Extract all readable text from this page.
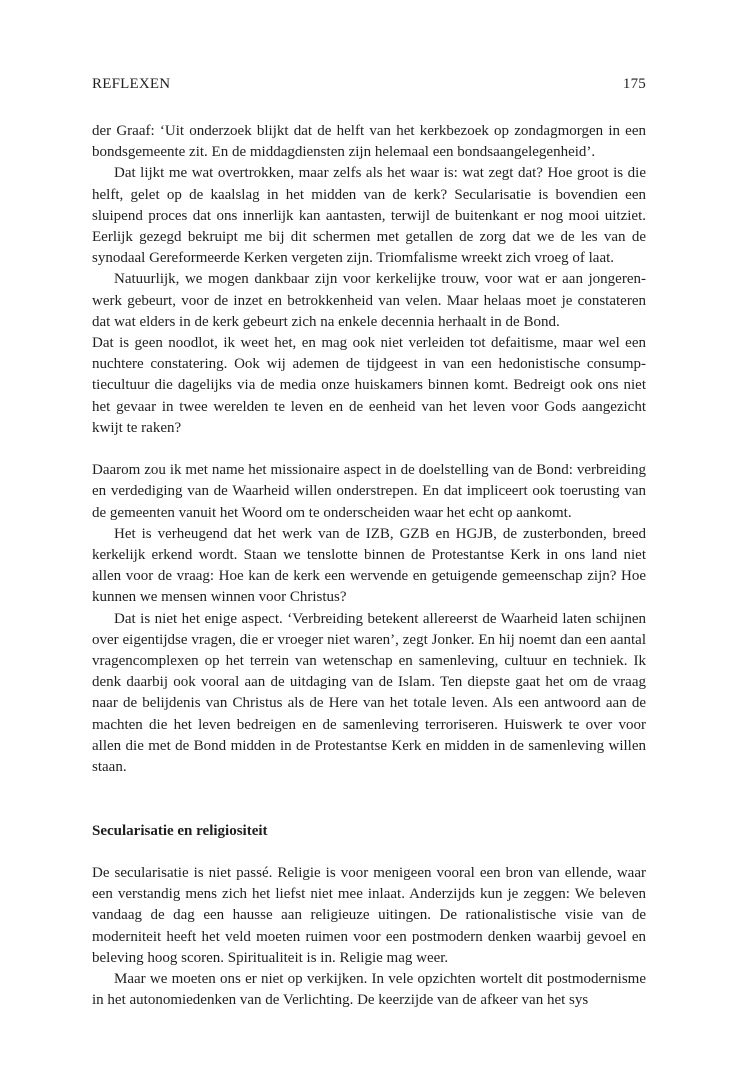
REFLEXEN	175

der Graaf: ‘Uit onderzoek blijkt dat de helft van het kerkbezoek op zondagmorgen in een bondsgemeente zit. En de middagdiensten zijn helemaal een bondsaangelegenheid’.

Dat lijkt me wat overtrokken, maar zelfs als het waar is: wat zegt dat? Hoe groot is die helft, gelet op de kaalslag in het midden van de kerk? Secularisatie is bovendien een sluipend proces dat ons innerlijk kan aantasten, terwijl de buitenkant er nog mooi uitziet. Eerlijk gezegd bekruipt me bij dit schermen met getallen de zorg dat we de les van de synodaal Gereformeerde Kerken vergeten zijn. Triomfalisme wreekt zich vroeg of laat.

Natuurlijk, we mogen dankbaar zijn voor kerkelijke trouw, voor wat er aan jongerenwerk gebeurt, voor de inzet en betrokkenheid van velen. Maar helaas moet je constateren dat wat elders in de kerk gebeurt zich na enkele decennia herhaalt in de Bond.

Dat is geen noodlot, ik weet het, en mag ook niet verleiden tot defaitisme, maar wel een nuchtere constatering. Ook wij ademen de tijdgeest in van een hedonistische consumptiecultuur die dagelijks via de media onze huiskamers binnen komt. Bedreigt ook ons niet het gevaar in twee werelden te leven en de eenheid van het leven voor Gods aangezicht kwijt te raken?

Daarom zou ik met name het missionaire aspect in de doelstelling van de Bond: verbreiding en verdediging van de Waarheid willen onderstrepen. En dat impliceert ook toerusting van de gemeenten vanuit het Woord om te onderscheiden waar het echt op aankomt.

Het is verheugend dat het werk van de IZB, GZB en HGJB, de zusterbonden, breed kerkelijk erkend wordt. Staan we tenslotte binnen de Protestantse Kerk in ons land niet allen voor de vraag: Hoe kan de kerk een wervende en getuigende gemeenschap zijn? Hoe kunnen we mensen winnen voor Christus?

Dat is niet het enige aspect. ‘Verbreiding betekent allereerst de Waarheid laten schijnen over eigentijdse vragen, die er vroeger niet waren’, zegt Jonker. En hij noemt dan een aantal vragencomplexen op het terrein van wetenschap en samenleving, cultuur en techniek. Ik denk daarbij ook vooral aan de uitdaging van de Islam. Ten diepste gaat het om de vraag naar de belijdenis van Christus als de Here van het totale leven. Als een antwoord aan de machten die het leven bedreigen en de samenleving terroriseren. Huiswerk te over voor allen die met de Bond midden in de Protestantse Kerk en midden in de samenleving willen staan.

Secularisatie en religiositeit

De secularisatie is niet passé. Religie is voor menigeen vooral een bron van ellende, waar een verstandig mens zich het liefst niet mee inlaat. Anderzijds kun je zeggen: We beleven vandaag de dag een hausse aan religieuze uitingen. De rationalistische visie van de moderniteit heeft het veld moeten ruimen voor een postmodern denken waarbij gevoel en beleving hoog scoren. Spiritualiteit is in. Religie mag weer.

Maar we moeten ons er niet op verkijken. In vele opzichten wortelt dit postmodernisme in het autonomiedenken van de Verlichting. De keerzijde van de afkeer van het sys
